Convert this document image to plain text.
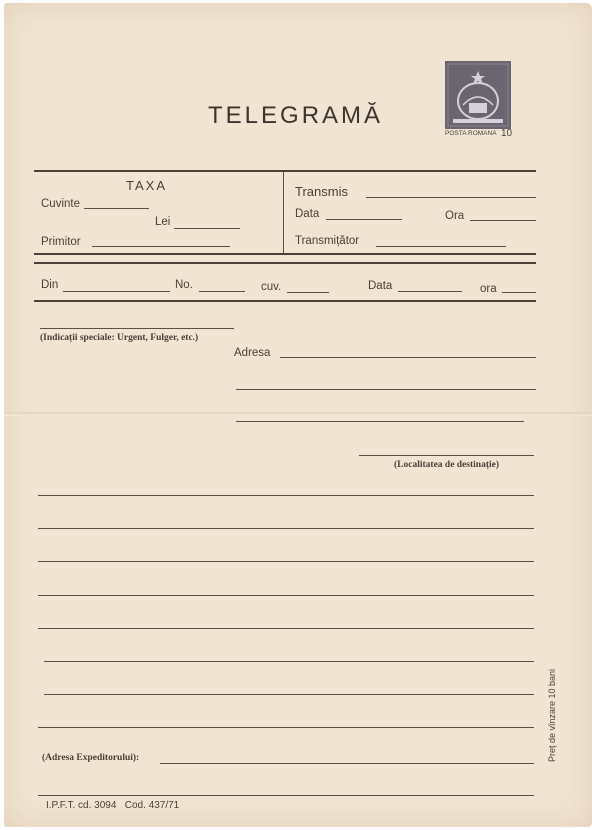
TELEGRAMĂ
POSTA ROMANA 10
TAXA
Cuvinte
Lei
Primitor
Transmis
Data	Ora
Transmițător
Din	No.	cuv.	Data	ora
(Indicații speciale: Urgent, Fulger, etc.)
Adresa
(Localitatea de destinație)
(Adresa Expeditorului):
I.P.F.T. cd. 3094   Cod. 437/71
Preț de vînzare 10 bani
